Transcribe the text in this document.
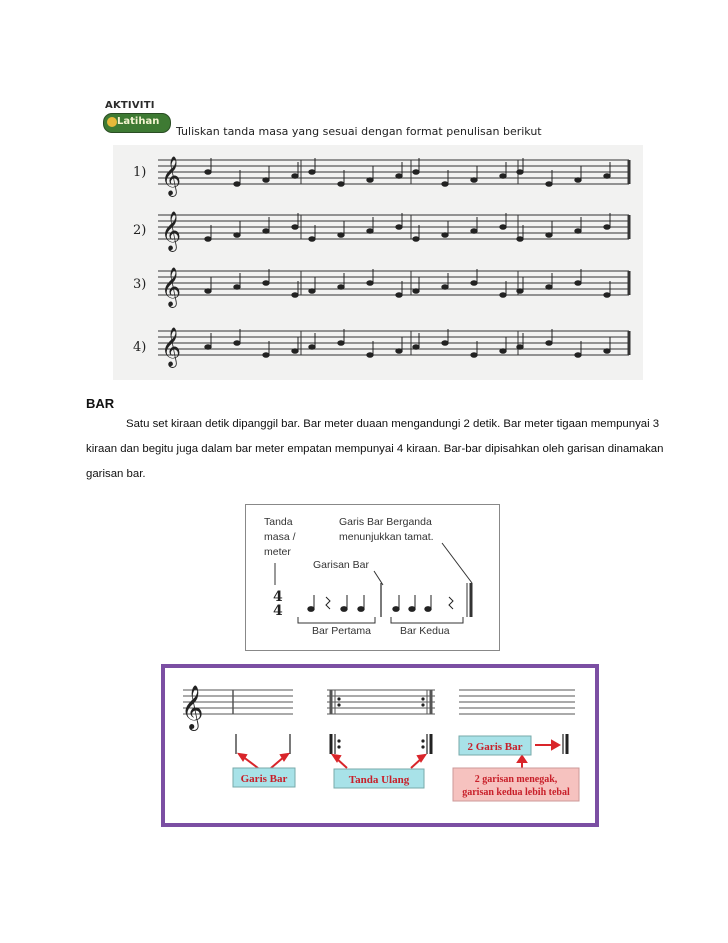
AKTIVITI
Latihan
Tuliskan tanda masa yang sesuai dengan format penulisan berikut
1)
2)
3)
4)
𝄞
𝄞
𝄞
𝄞
BAR
Satu set kiraan detik dipanggil bar. Bar meter duaan mengandungi 2 detik. Bar meter tigaan mempunyai 3 kiraan dan begitu juga dalam bar meter empatan mempunyai 4 kiraan. Bar-bar dipisahkan oleh garisan dinamakan garisan bar.
Tanda
masa /
meter
Garis Bar Berganda
menunjukkan tamat.
Garisan Bar
Bar Pertama	Bar Kedua
4
4
𝄞
Garis Bar	Tanda Ulang
2 Garis Bar
2 garisan menegak,
garisan kedua lebih tebal
